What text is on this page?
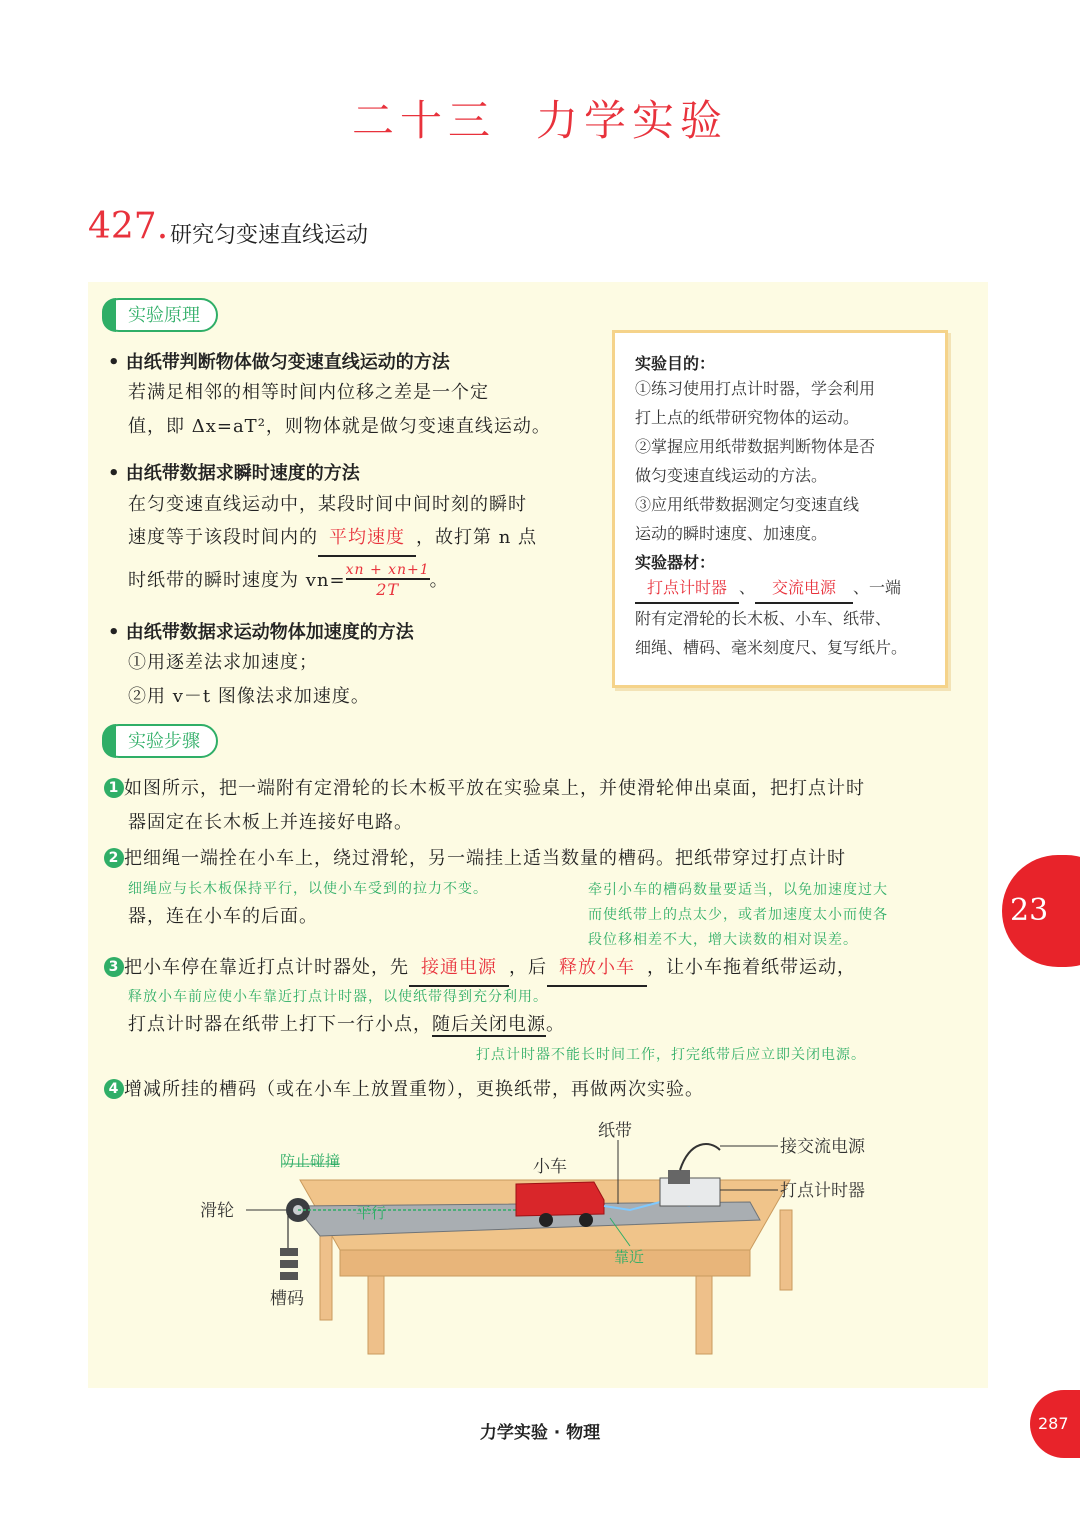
二十三 力学实验
427. 研究匀变速直线运动
实验原理
• 由纸带判断物体做匀变速直线运动的方法
若满足相邻的相等时间内位移之差是一个定
值，即 Δx=aT²，则物体就是做匀变速直线运动。
• 由纸带数据求瞬时速度的方法
在匀变速直线运动中，某段时间中间时刻的瞬时
速度等于该段时间内的 平均速度 ，故打第 n 点
时纸带的瞬时速度为 $vn= \frac{xn + xn+1}{2T}$ 。
• 由纸带数据求运动物体加速度的方法
①用逐差法求加速度；
②用 v－t 图像法求加速度。
实验目的：
①练习使用打点计时器，学会利用
打上点的纸带研究物体的运动。
②掌握应用纸带数据判断物体是否
做匀变速直线运动的方法。
③应用纸带数据测定匀变速直线
运动的瞬时速度、加速度。
实验器材：
打点计时器 、 交流电源 、一端
附有定滑轮的长木板、小车、纸带、
细绳、槽码、毫米刻度尺、复写纸片。
实验步骤
1 如图所示，把一端附有定滑轮的长木板平放在实验桌上，并使滑轮伸出桌面，把打点计时
器固定在长木板上并连接好电路。
2 把细绳一端拴在小车上，绕过滑轮，另一端挂上适当数量的槽码。把纸带穿过打点计时
细绳应与长木板保持平行，以使小车受到的拉力不变。
器，连在小车的后面。
牵引小车的槽码数量要适当，以免加速度过大
而使纸带上的点太少，或者加速度太小而使各
段位移相差不大，增大读数的相对误差。
3 把小车停在靠近打点计时器处，先 接通电源 ，后 释放小车 ，让小车拖着纸带运动，
释放小车前应使小车靠近打点计时器，以使纸带得到充分利用。
打点计时器在纸带上打下一行小点，随后关闭电源。
打点计时器不能长时间工作，打完纸带后应立即关闭电源。
4 增减所挂的槽码（或在小车上放置重物），更换纸带，再做两次实验。
纸带
接交流电源
打点计时器
小车
滑轮
槽码
防止碰撞
平行
靠近
23
力学实验 · 物理	287
